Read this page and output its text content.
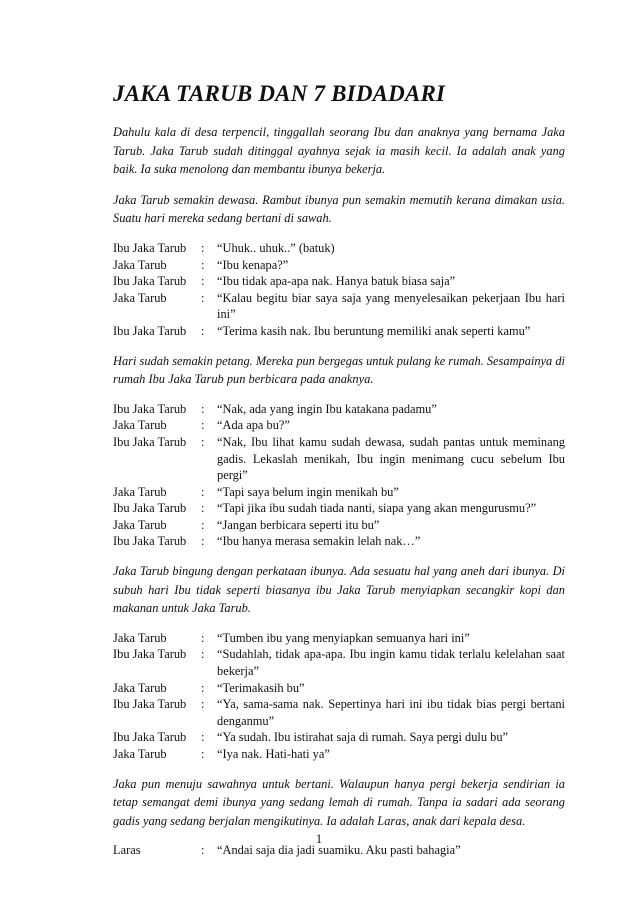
JAKA TARUB DAN 7 BIDADARI

Dahulu kala di desa terpencil, tinggallah seorang Ibu dan anaknya yang bernama Jaka Tarub. Jaka Tarub sudah ditinggal ayahnya sejak ia masih kecil. Ia adalah anak yang baik. Ia suka menolong dan membantu ibunya bekerja.

Jaka Tarub semakin dewasa. Rambut ibunya pun semakin memutih kerana dimakan usia. Suatu hari mereka sedang bertani di sawah.

Ibu Jaka Tarub	:	“Uhuk.. uhuk..” (batuk)
Jaka Tarub	:	“Ibu kenapa?”
Ibu Jaka Tarub	:	“Ibu tidak apa-apa nak. Hanya batuk biasa saja”
Jaka Tarub	:	“Kalau begitu biar saya saja yang menyelesaikan pekerjaan Ibu hari ini”
Ibu Jaka Tarub	:	“Terima kasih nak. Ibu beruntung memiliki anak seperti kamu”

Hari sudah semakin petang. Mereka pun bergegas untuk pulang ke rumah. Sesampainya di rumah Ibu Jaka Tarub pun berbicara pada anaknya.

Ibu Jaka Tarub	:	“Nak, ada yang ingin Ibu katakana padamu”
Jaka Tarub	:	“Ada apa bu?”
Ibu Jaka Tarub	:	“Nak, Ibu lihat kamu sudah dewasa, sudah pantas untuk meminang gadis. Lekaslah menikah, Ibu ingin menimang cucu sebelum Ibu pergi”
Jaka Tarub	:	“Tapi saya belum ingin menikah bu”
Ibu Jaka Tarub	:	“Tapi jika ibu sudah tiada nanti, siapa yang akan mengurusmu?”
Jaka Tarub	:	“Jangan berbicara seperti itu bu”
Ibu Jaka Tarub	:	“Ibu hanya merasa semakin lelah nak…”

Jaka Tarub bingung dengan perkataan ibunya. Ada sesuatu hal yang aneh dari ibunya. Di subuh hari Ibu tidak seperti biasanya ibu Jaka Tarub menyiapkan secangkir kopi dan makanan untuk Jaka Tarub.

Jaka Tarub	:	“Tumben ibu yang menyiapkan semuanya hari ini”
Ibu Jaka Tarub	:	“Sudahlah, tidak apa-apa. Ibu ingin kamu tidak terlalu kelelahan saat bekerja”
Jaka Tarub	:	“Terimakasih bu”
Ibu Jaka Tarub	:	“Ya, sama-sama nak. Sepertinya hari ini ibu tidak bias pergi bertani denganmu”
Ibu Jaka Tarub	:	“Ya sudah. Ibu istirahat saja di rumah. Saya pergi dulu bu”
Jaka Tarub	:	“Iya nak. Hati-hati ya”

Jaka pun menuju sawahnya untuk bertani. Walaupun hanya pergi bekerja sendirian ia tetap semangat demi ibunya yang sedang lemah di rumah. Tanpa ia sadari ada seorang gadis yang sedang berjalan mengikutinya. Ia adalah Laras, anak dari kepala desa.

Laras	:	“Andai saja dia jadi suamiku. Aku pasti bahagia”
1
